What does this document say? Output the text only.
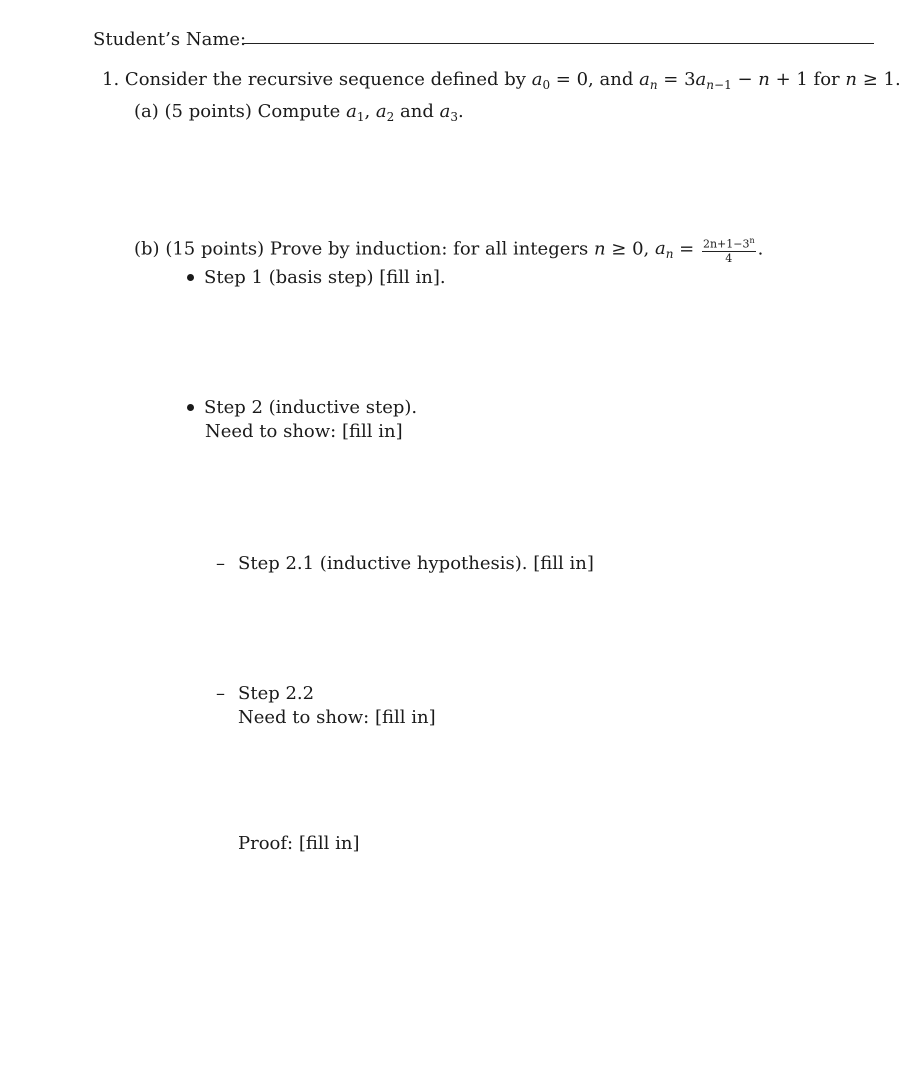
Student’s Name:
1. Consider the recursive sequence defined by $a_0 = 0$, and $a_n = 3a_{n-1} - n + 1$ for n ≥ 1.
(a) (5 points) Compute $a_1$, $a_2$ and $a_3$.
(b) (15 points) Prove by induction: for all integers n ≥ 0, $a_n = \frac{2n+1-3^n}{4}$ .
Step 1 (basis step) [fill in].
Step 2 (inductive step).
Need to show: [fill in]
– Step 2.1 (inductive hypothesis). [fill in]
– Step 2.2
Need to show: [fill in]
Proof: [fill in]
